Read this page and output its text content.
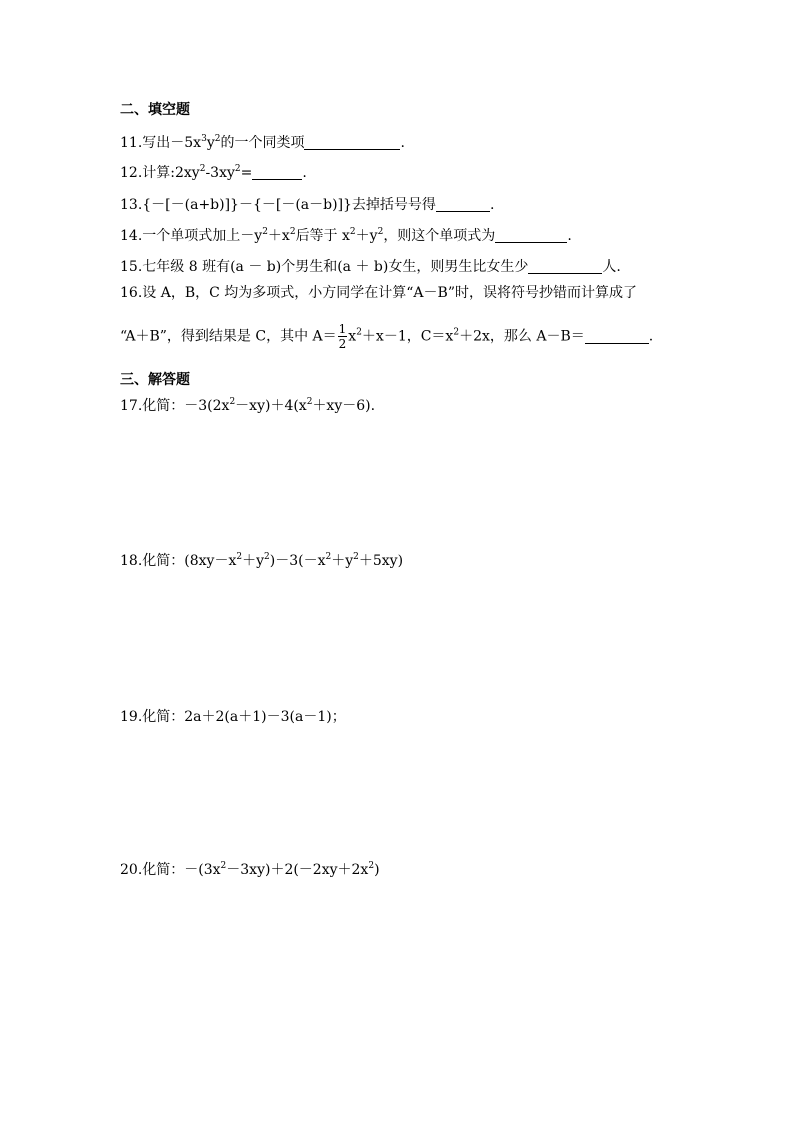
二、填空题
11.写出$-5x^3y^2$的一个同类项	.
12.计算$:2xy^2-3xy^2=$	.
13.{－[－(a+b)]}－{－[－(a－b)]}去掉括号号得	.
14.一个单项式加上$-y^2+x^2$后等于 $x^2+y^2$，则这个单项式为	.
15.七年级 8 班有(a － b)个男生和(a ＋ b)女生，则男生比女生少	人.
16.设 A，B，C 均为多项式，小方同学在计算“A－B”时，误将符号抄错而计算成了
“A＋B”，得到结果是 C，其中 $A= \frac{1}{2} x^2+x-1$，$C=x^2+2x$，那么 A－B＝	.
三、解答题
17.化简：$-3(2x^2-xy)+4(x^2+xy-6)$.
18.化简：$(8xy-x^2+y^2)-3(-x^2+y^2+5xy)$
19.化简：2a＋2(a＋1)－3(a－1)；
20.化简：$-(3x^2-3xy)+2(-2xy+2x^2)$
